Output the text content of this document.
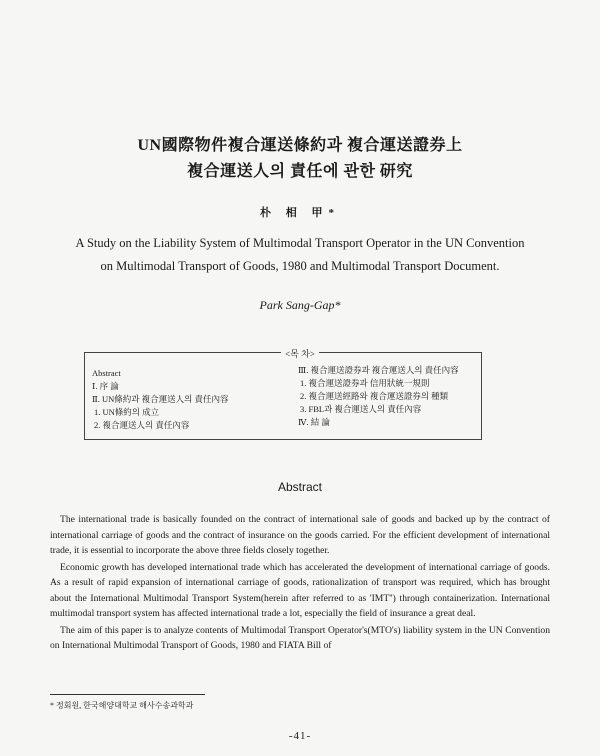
UN國際物件複合運送條約과 複合運送證券上
複合運送人의 責任에 관한 研究
朴 相 甲*
A Study on the Liability System of Multimodal Transport Operator in the UN Convention
on Multimodal Transport of Goods, 1980 and Multimodal Transport Document.
Park Sang-Gap*
<목 차>
Abstract
Ⅰ. 序 論
Ⅱ. UN條約과 複合運送人의 責任內容
1. UN條約의 成立
2. 複合運送人의 責任內容
Ⅲ. 複合運送證券과 複合運送人의 責任內容
1. 複合運送證券과 信用狀統一規則
2. 複合運送經路와 複合運送證券의 種類
3. FBL과 複合運送人의 責任內容
Ⅳ. 結 論
Abstract

The international trade is basically founded on the contract of international sale of goods and backed up by the contract of international carriage of goods and the contract of insurance on the goods carried. For the efficient development of international trade, it is essential to incorporate the above three fields closely together.

Economic growth has developed international trade which has accelerated the development of international carriage of goods. As a result of rapid expansion of international carriage of goods, rationalization of transport was required, which has brought about the International Multimodal Transport System(herein after referred to as 'IMT'') through containerization. International multimodal transport system has affected international trade a lot, especially the field of insurance a great deal.

The aim of this paper is to analyze contents of Multimodal Transport Operator's(MTO's) liability system in the UN Convention on International Multimodal Transport of Goods, 1980 and FIATA Bill of

* 정회원, 한국해양대학교 해사수송과학과
-41-
